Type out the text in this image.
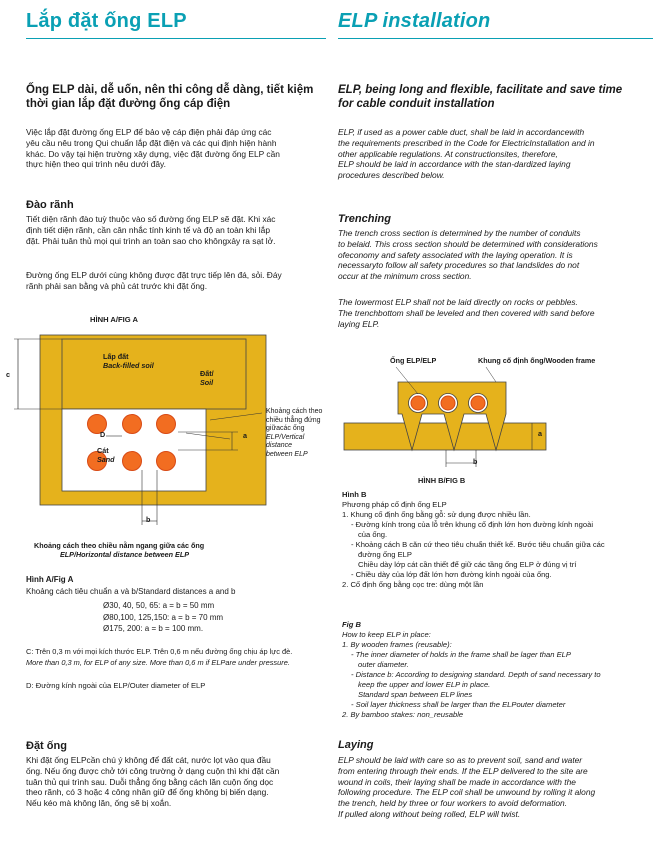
Lắp đặt ống ELP
Ống ELP dài, dễ uốn, nên thi công dễ dàng, tiết kiệm
thời gian lắp đặt đường ống cáp điện
Việc lắp đặt đường ống ELP để bảo vệ cáp điện phải đáp ứng các
yêu cầu nêu trong Qui chuẩn lắp đặt điện và các qui định hiện hành
khác. Do vậy tại hiện trường xây dựng, việc đặt đường ống ELP cần
thực hiện theo qui trình nêu dưới đây.
Đào rãnh
Tiết diện rãnh đào tuỳ thuộc vào số đường ống ELP sẽ đặt. Khi xác
định tiết diện rãnh, cần cân nhắc tính kinh tế và độ an toàn khi lắp
đặt. Phải tuân thủ mọi qui trình an toàn sao cho khôngxảy ra sạt lở.
Đường ống ELP dưới cùng không được đặt trực tiếp lên đá, sỏi. Đáy
rãnh phải san bằng và phủ cát trước khi đặt ống.
HÌNH A/FIG A
Lấp đất
Back-filled soil
Đất/
Soil
D
Cát
Sand
c
a
b
Khoảng cách theo
chiều thẳng đứng
giữacác ống
ELP/Vertical
distance
between ELP
Khoảng cách theo chiều nằm ngang giữa các ống
ELP/Horizontal distance between ELP
Hình A/Fig A
Khoảng cách tiêu chuẩn a và b/Standard distances a and b
Ø30, 40, 50, 65: a = b = 50 mm
Ø80,100, 125,150: a = b = 70 mm
Ø175, 200: a = b = 100 mm.
C: Trên 0,3 m với mọi kích thước ELP. Trên 0,6 m nếu đường ống chịu áp lực đè.
More than 0,3 m, for ELP of any size. More than 0,6 m if ELPare under pressure.
D: Đường kính ngoài của ELP/Outer diameter of ELP
Đặt ống
Khi đặt ống ELPcần chú ý không để đất cát, nước lọt vào qua đầu
ống. Nếu ống được chở tới công trường ở dạng cuộn thì khi đặt cần
tuân thủ qui trình sau. Duỗi thẳng ống bằng cách lăn cuộn ống dọc
theo rãnh, có 3 hoặc 4 công nhân giữ để ống không bị biến dạng.
Nếu kéo mà không lăn, ống sẽ bị xoắn.
ELP installation
ELP, being long and flexible, facilitate and save time
for cable conduit installation
ELP, if used as a power cable duct, shall be laid in accordancewith
the requirements prescribed in the Code for ElectricInstallation and in
other applicable regulations. At constructionsites, therefore,
ELP should be laid in accordance with the stan-dardized laying
procedures described below.
Trenching
The trench cross section is determined by the number of conduits
to belaid. This cross section should be determined with considerations
ofeconomy and safety associated with the laying operation. It is
necessaryto follow all safety procedures so that landslides do not
occur at the minimum cross section.
The lowermost ELP shall not be laid directly on rocks or pebbles.
The trenchbottom shall be leveled and then covered with sand before
laying ELP.
Ống ELP/ELP	Khung cố định ống/Wooden frame
a
b
HÌNH B/FIG B
Hình B
Phương pháp cố định ống ELP
1. Khung cố định ống bằng gỗ: sử dụng được nhiều lần.
- Đường kính trong của lỗ trên khung cố định lớn hơn đường kính ngoài
của ống.
- Khoảng cách B căn cứ theo tiêu chuẩn thiết kế. Bước tiêu chuẩn giữa các
đường ống ELP
Chiều dày lớp cát cần thiết để giữ các tầng ống ELP ở đúng vị trí
- Chiều dày của lớp đất lớn hơn đường kính ngoài của ống.
2. Cố định ống bằng cọc tre: dùng một lần
Fig B
How to keep ELP in place:
1. By wooden frames (reusable):
- The inner diameter of holds in the frame shall be lager than ELP
outer diameter.
- Distance b: According to designing standard. Depth of sand necessary to
keep the upper and lower ELP in place.
Standard span between ELP lines
- Soil layer thickness shall be larger than the ELPouter diameter
2. By bamboo stakes: non_reusable
Laying
ELP should be laid with care so as to prevent soil, sand and water
from entering through their ends. If the ELP delivered to the site are
wound in coils, their laying shall be made in accordance with the
following procedure. The ELP coil shall be unwound by rolling it along
the trench, held by three or four workers to avoid deformation.
If pulled along without being rolled, ELP will twist.
